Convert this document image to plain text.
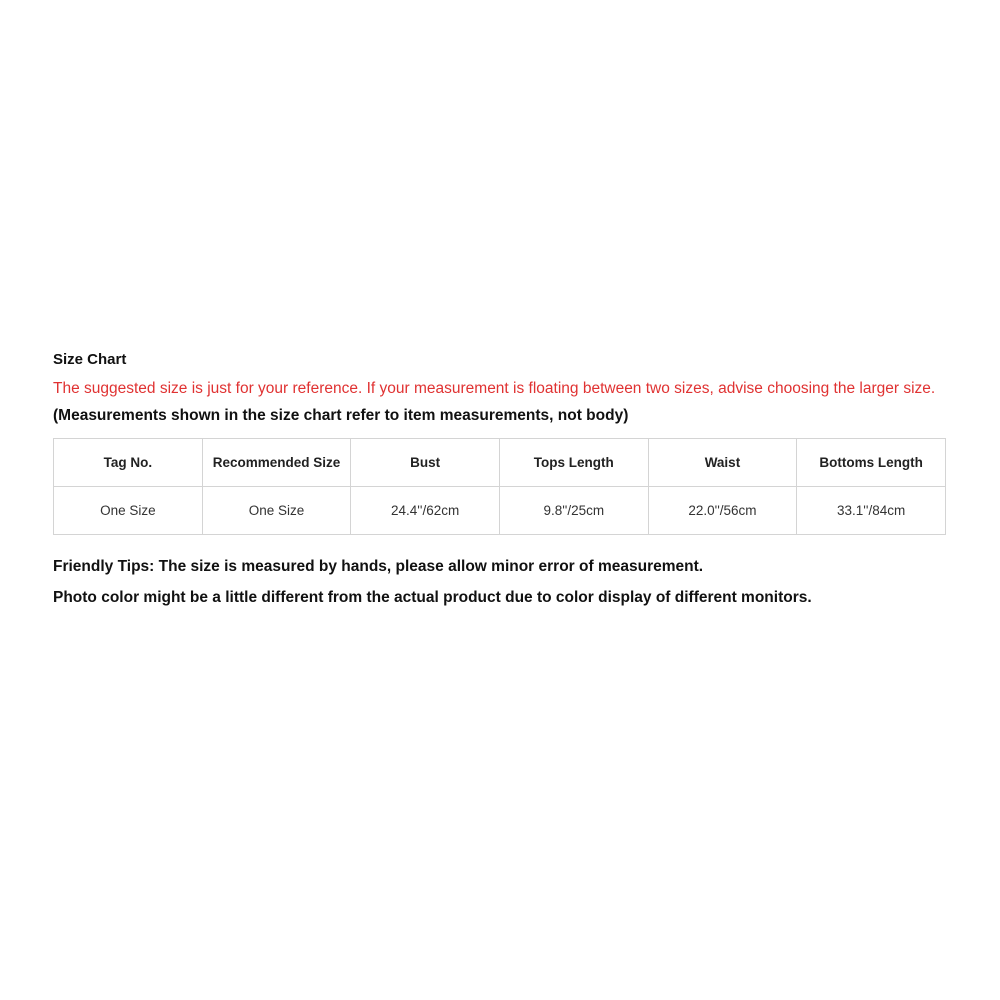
Size Chart

The suggested size is just for your reference. If your measurement is floating between two sizes, advise choosing the larger size.

(Measurements shown in the size chart refer to item measurements, not body)

Tag No.	Recommended Size	Bust	Tops Length	Waist	Bottoms Length
One Size	One Size	24.4''/62cm	9.8''/25cm	22.0''/56cm	33.1''/84cm

Friendly Tips: The size is measured by hands, please allow minor error of measurement.

Photo color might be a little different from the actual product due to color display of different monitors.
